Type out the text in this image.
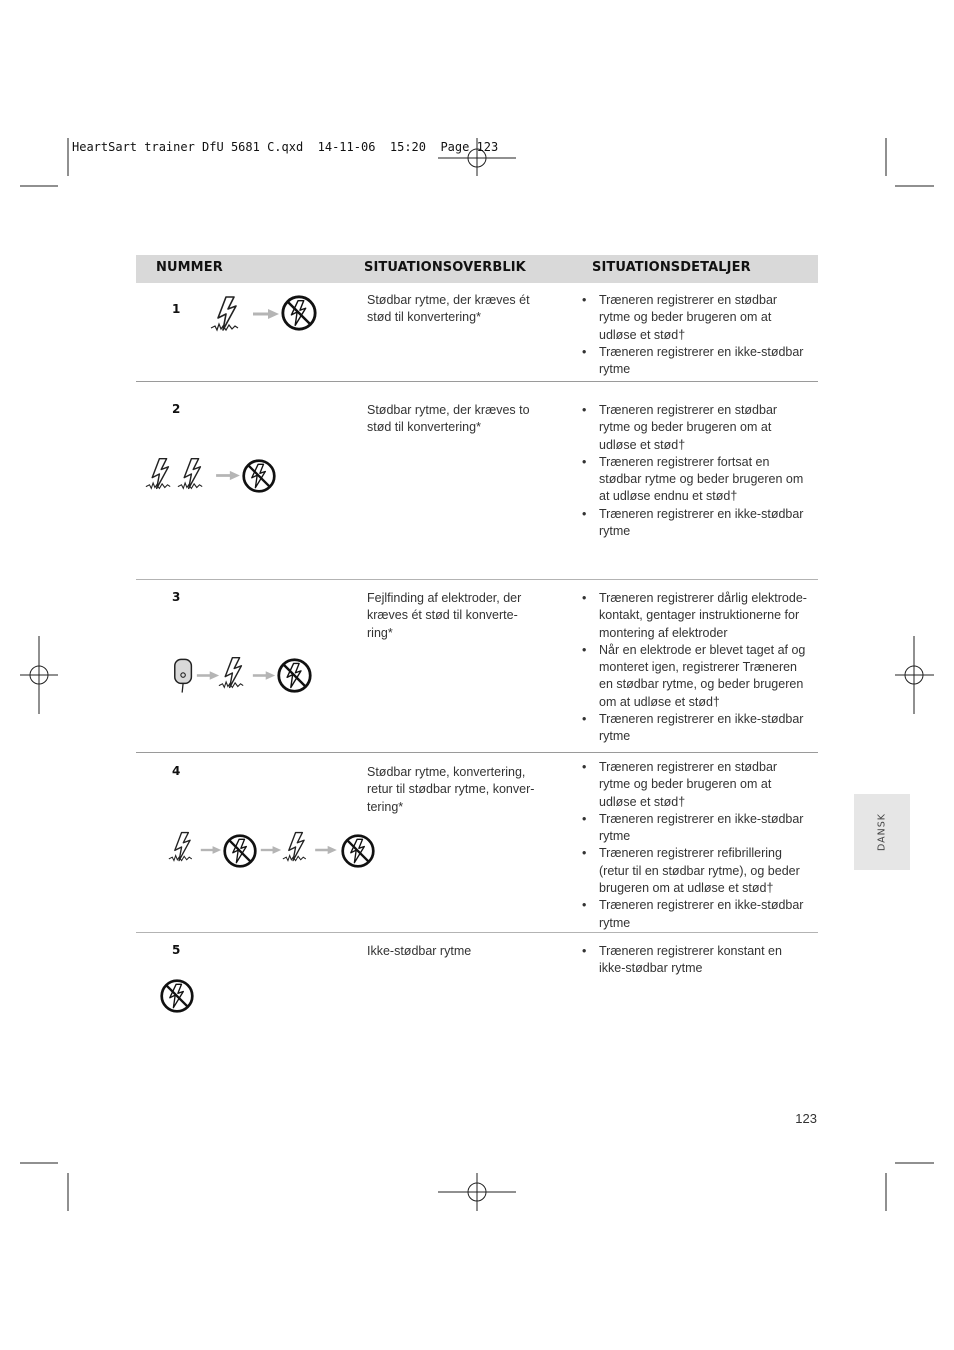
HeartSart trainer DfU 5681 C.qxd  14-11-06  15:20  Page 123
NUMMER	SITUATIONSOVERBLIK	SITUATIONSDETALJER
1
Stødbar rytme, der kræves ét
stød til konvertering*
• Træneren registrerer en stødbar
rytme og beder brugeren om at
udløse et stød†
• Træneren registrerer en ikke-stødbar
rytme
2	Stødbar rytme, der kræves to
stød til konvertering*
• Træneren registrerer en stødbar
rytme og beder brugeren om at
udløse et stød†
• Træneren registrerer fortsat en
stødbar rytme og beder brugeren om
at udløse endnu et stød†
• Træneren registrerer en ikke-stødbar
rytme
3	Fejlfinding af elektroder, der
kræves ét stød til konverte-
ring*
• Træneren registrerer dårlig elektrode-
kontakt, gentager instruktionerne for
montering af elektroder
• Når en elektrode er blevet taget af og
monteret igen, registrerer Træneren
en stødbar rytme, og beder brugeren
om at udløse et stød†
• Træneren registrerer en ikke-stødbar
rytme
4	Stødbar rytme, konvertering,
retur til stødbar rytme, konver-
tering*
• Træneren registrerer en stødbar
rytme og beder brugeren om at
udløse et stød†
• Træneren registrerer en ikke-stødbar
rytme
• Træneren registrerer refibrillering
(retur til en stødbar rytme), og beder
brugeren om at udløse et stød†
• Træneren registrerer en ikke-stødbar
rytme
5	Ikke-stødbar rytme
•	Træneren registrerer konstant en
ikke-stødbar rytme
DANSK
123
